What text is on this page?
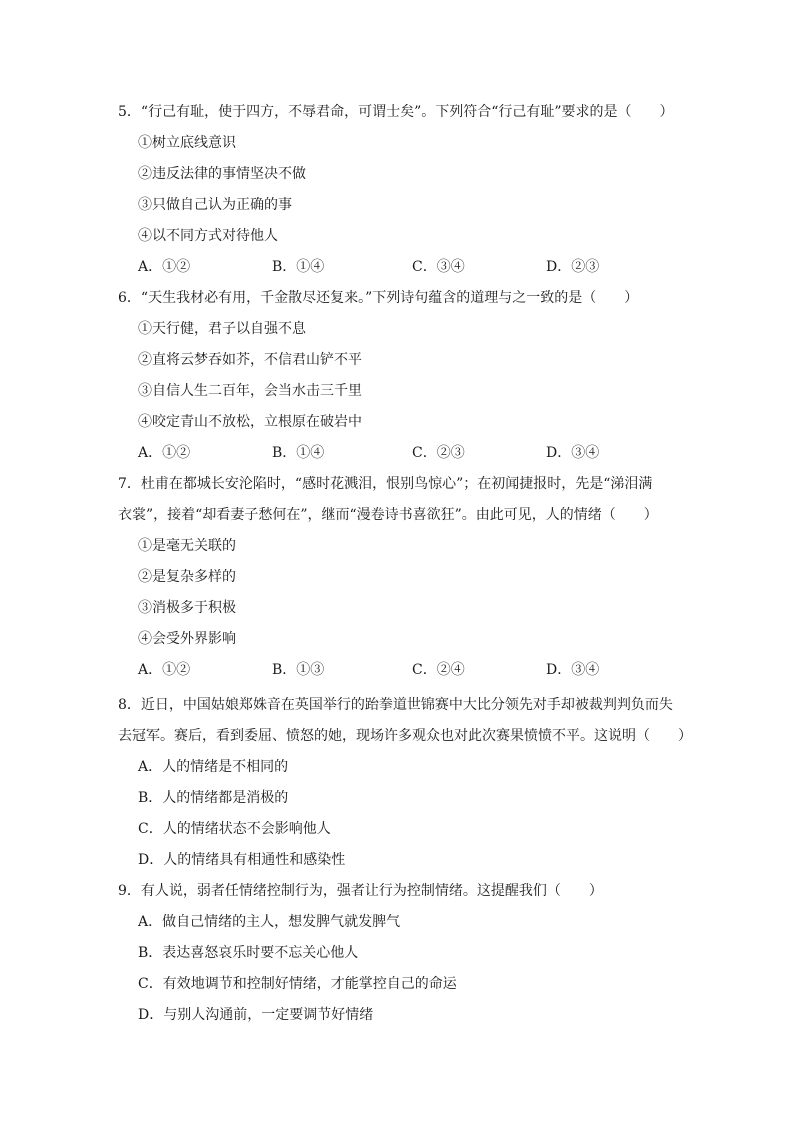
5．“行己有耻，使于四方，不辱君命，可谓士矣”。下列符合“行己有耻”要求的是（　　）
①树立底线意识
②违反法律的事情坚决不做
③只做自己认为正确的事
④以不同方式对待他人
A．①②	B．①④	C．③④	D．②③
6．“天生我材必有用，千金散尽还复来。”下列诗句蕴含的道理与之一致的是（　　）
①天行健，君子以自强不息
②直将云梦吞如芥，不信君山铲不平
③自信人生二百年，会当水击三千里
④咬定青山不放松，立根原在破岩中
A．①②	B．①④	C．②③	D．③④
7．杜甫在都城长安沦陷时，“感时花溅泪，恨别鸟惊心”；在初闻捷报时，先是“涕泪满
衣裳”，接着“却看妻子愁何在”，继而“漫卷诗书喜欲狂”。由此可见，人的情绪（　　）
①是毫无关联的
②是复杂多样的
③消极多于积极
④会受外界影响
A．①②	B．①③	C．②④	D．③④
8．近日，中国姑娘郑姝音在英国举行的跆拳道世锦赛中大比分领先对手却被裁判判负而失
去冠军。赛后，看到委屈、愤怒的她，现场许多观众也对此次赛果愤愤不平。这说明（　　）
A．人的情绪是不相同的
B．人的情绪都是消极的
C．人的情绪状态不会影响他人
D．人的情绪具有相通性和感染性
9．有人说，弱者任情绪控制行为，强者让行为控制情绪。这提醒我们（　　）
A．做自己情绪的主人，想发脾气就发脾气
B．表达喜怒哀乐时要不忘关心他人
C．有效地调节和控制好情绪，才能掌控自己的命运
D．与别人沟通前，一定要调节好情绪
